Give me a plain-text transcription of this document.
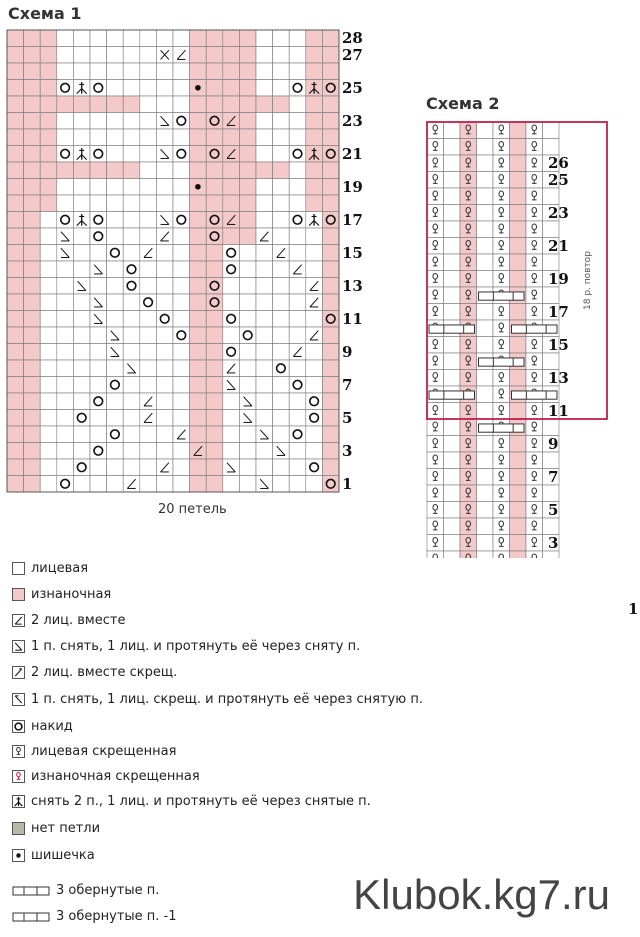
Схема 1
28
27
25
23
21
19
17
15
13
11
9
7
5
3
1
20 петель
Схема 2
26
25
23
21
19
17
15
13
11
9
7
5
3
1
18 р. повтор
лицевая
изнаночная
2 лиц. вместе
1 п. снять, 1 лиц. и протянуть её через сняту п.
2 лиц. вместе скрещ.
1 п. снять, 1 лиц. скрещ. и протянуть её через снятую п.
накид
лицевая скрещенная
изнаночная скрещенная
снять 2 п., 1 лиц. и протянуть её через снятые п.
нет петли
шишечка
3 обернутые п.
3 обернутые п. -1	Klubok.kg7.ru
